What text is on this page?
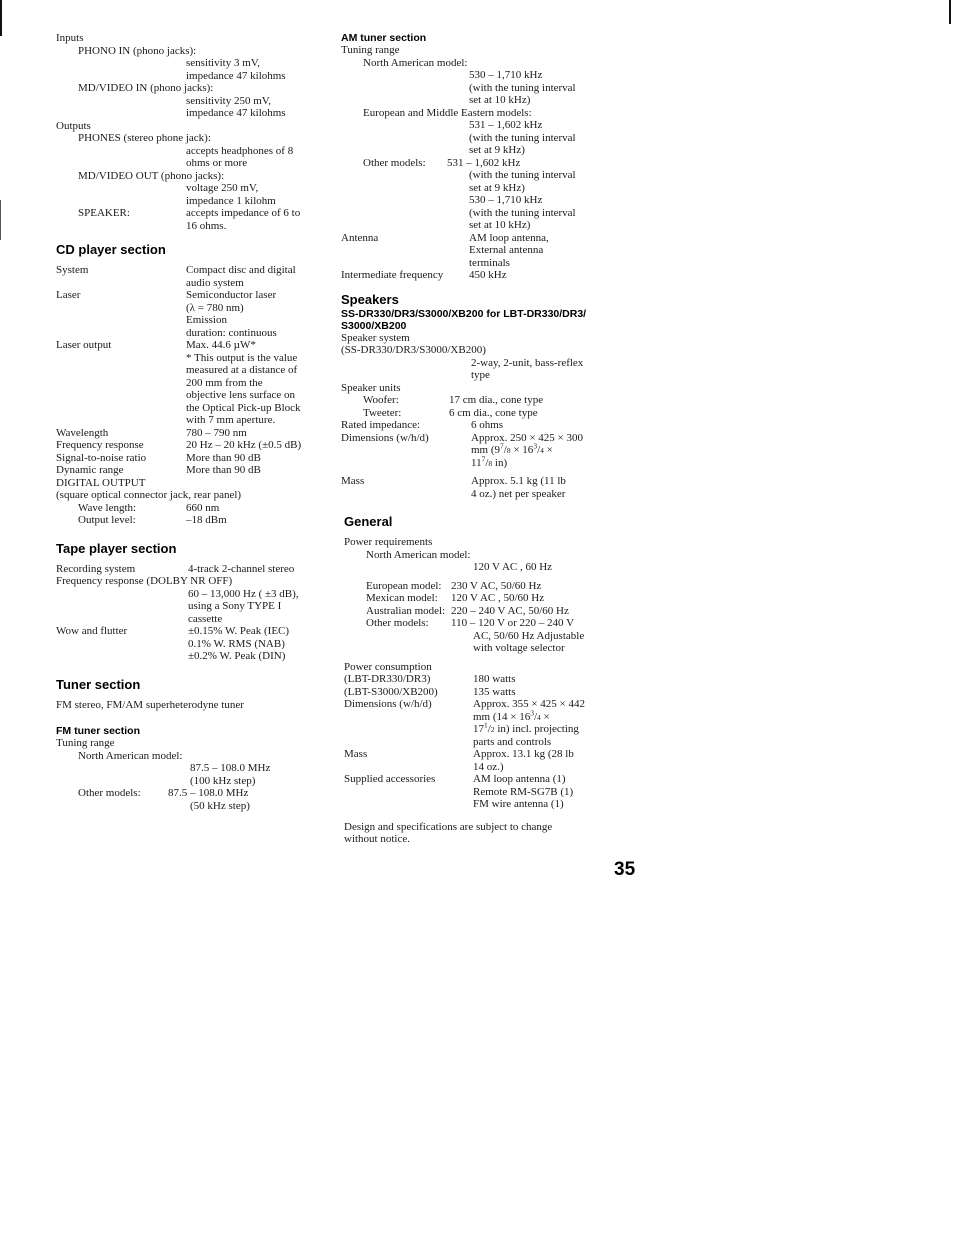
Inputs
PHONO IN (phono jacks):
sensitivity 3 mV,
impedance 47 kilohms
MD/VIDEO IN (phono jacks):
sensitivity 250 mV,
impedance 47 kilohms
Outputs
PHONES (stereo phone jack):
accepts headphones of 8
ohms or more
MD/VIDEO OUT (phono jacks):
voltage 250 mV,
impedance 1 kilohm
SPEAKER:	accepts impedance of 6 to
16 ohms.
CD player section
System	Compact disc and digital
audio system
Laser	Semiconductor laser
(λ = 780 nm)
Emission
duration: continuous
Laser output	Max. 44.6 µW*
* This output is the value
measured at a distance of
200 mm from the
objective lens surface on
the Optical Pick-up Block
with 7 mm aperture.
Wavelength	780 – 790 nm
Frequency response	20 Hz – 20 kHz (±0.5 dB)
Signal-to-noise ratio	More than 90 dB
Dynamic range	More than 90 dB
DIGITAL OUTPUT
(square optical connector jack, rear panel)
Wave length:	660 nm
Output level:	–18 dBm
Tape player section
Recording system	4-track 2-channel stereo
Frequency response (DOLBY NR OFF)
60 – 13,000 Hz ( ±3 dB),
using a Sony TYPE I
cassette
Wow and flutter	±0.15% W. Peak (IEC)
0.1% W. RMS (NAB)
±0.2% W. Peak (DIN)
Tuner section
FM stereo, FM/AM superheterodyne tuner
FM tuner section
Tuning range
North American model:
87.5 – 108.0 MHz
(100 kHz step)
Other models:	87.5 – 108.0 MHz
(50 kHz step)
AM tuner section
Tuning range
North American model:
530 – 1,710 kHz
(with the tuning interval
set at 10 kHz)
European and Middle Eastern models:
531 – 1,602 kHz
(with the tuning interval
set at 9 kHz)
Other models:	531 – 1,602 kHz
(with the tuning interval
set at 9 kHz)
530 – 1,710 kHz
(with the tuning interval
set at 10 kHz)
Antenna	AM loop antenna,
External antenna
terminals
Intermediate frequency	450 kHz
Speakers
SS-DR330/DR3/S3000/XB200 for LBT-DR330/DR3/
S3000/XB200
Speaker system
(SS-DR330/DR3/S3000/XB200)
2-way, 2-unit, bass-reflex
type
Speaker units
Woofer:	17 cm dia., cone type
Tweeter:	6 cm dia., cone type
Rated impedance:	6 ohms
Dimensions (w/h/d)	Approx. 250 × 425 × 300
mm ($9^7/8 \times 16^3/4$ ×
$11^7/8$ in)
Mass	Approx. 5.1 kg (11 lb
4 oz.) net per speaker
General
Power requirements
North American model:
120 V AC , 60 Hz
European model: 230 V AC, 50/60 Hz
Mexican model:	120 V AC , 50/60 Hz
Australian model: 220 – 240 V AC, 50/60 Hz
Other models:	110 – 120 V or 220 – 240 V
AC, 50/60 Hz Adjustable
with voltage selector
Power consumption
(LBT-DR330/DR3)	180 watts
(LBT-S3000/XB200)	135 watts
Dimensions (w/h/d)	Approx. 355 × 425 × 442
mm ($14 \times 16^3/4$ ×
$17^1/2$ in) incl. projecting
parts and controls
Mass	Approx. 13.1 kg (28 lb
14 oz.)
Supplied accessories	AM loop antenna (1)
Remote RM-SG7B (1)
FM wire antenna (1)
Design and specifications are subject to change
without notice.
35
